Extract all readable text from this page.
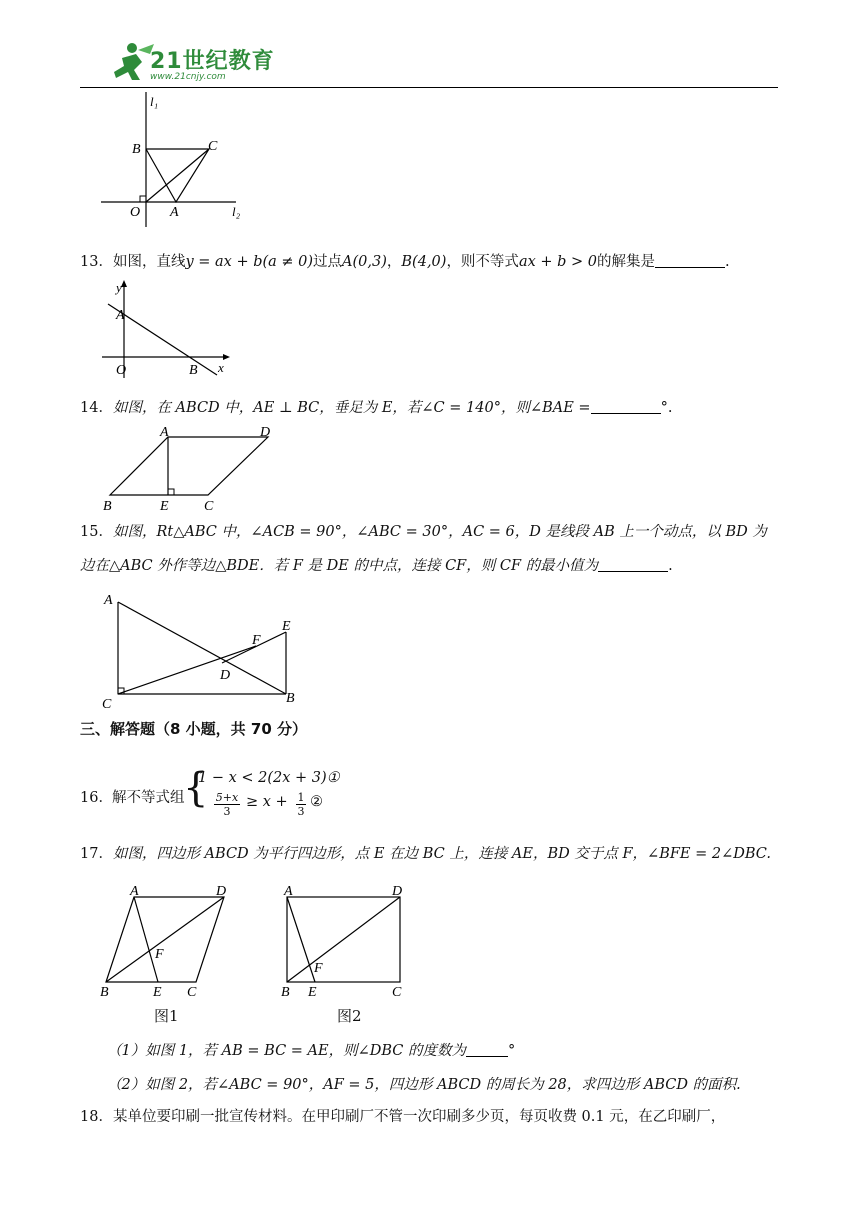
21世纪教育
www.21cnjy.com
l₁
B	C
O A	l₂
13．如图，直线y = ax + b(a ≠ 0)过点A(0,3)，B(4,0)，则不等式ax + b > 0的解集是	.
y
A
O	B x
14．如图，在 ABCD 中，AE ⊥ BC，垂足为 E，若∠C = 140°，则∠BAE =	°.
A	D
B	E	C
15．如图，Rt△ABC 中，∠ACB = 90°，∠ABC = 30°，AC = 6，D 是线段 AB 上一个动点，以 BD 为
边在△ABC 外作等边△BDE．若 F 是 DE 的中点，连接 CF，则 CF 的最小值为	.
A
E
F
D
C	B
三、解答题（8 小题，共 70 分）
16． 解不等式组
{
1 − x < 2(2x + 3)①
5+x
3
≥ x + 1
3
②
17．如图，四边形 ABCD 为平行四边形，点 E 在边 BC 上，连接 AE，BD 交于点 F，∠BFE = 2∠DBC.
A	D
F
B	E C
图1
A	D
F
B E	C
图2
（1）如图 1，若 AB = BC = AE，则∠DBC 的度数为	°
（2）如图 2，若∠ABC = 90°，AF = 5，四边形 ABCD 的周长为 28，求四边形 ABCD 的面积.
18．某单位要印刷一批宣传材料。在甲印刷厂不管一次印刷多少页，每页收费 0.1 元，在乙印刷厂，
